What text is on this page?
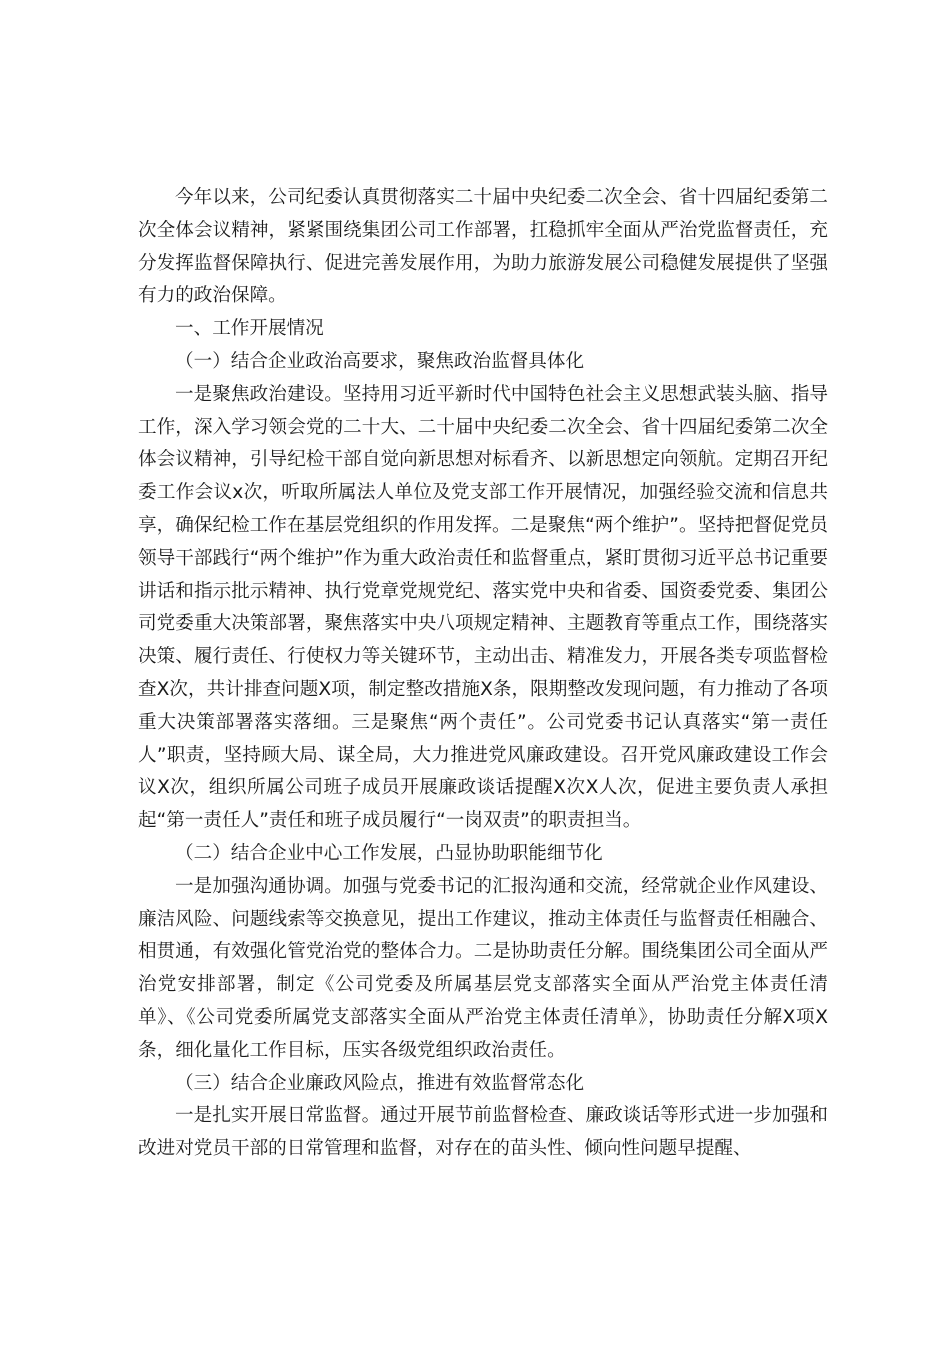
今年以来，公司纪委认真贯彻落实二十届中央纪委二次全会、省十四届纪委第二次全体会议精神，紧紧围绕集团公司工作部署，扛稳抓牢全面从严治党监督责任，充分发挥监督保障执行、促进完善发展作用，为助力旅游发展公司稳健发展提供了坚强有力的政治保障。

一、工作开展情况

（一）结合企业政治高要求，聚焦政治监督具体化

一是聚焦政治建设。坚持用习近平新时代中国特色社会主义思想武装头脑、指导工作，深入学习领会党的二十大、二十届中央纪委二次全会、省十四届纪委第二次全体会议精神，引导纪检干部自觉向新思想对标看齐、以新思想定向领航。定期召开纪委工作会议x次，听取所属法人单位及党支部工作开展情况，加强经验交流和信息共享，确保纪检工作在基层党组织的作用发挥。二是聚焦“两个维护”。坚持把督促党员领导干部践行“两个维护”作为重大政治责任和监督重点，紧盯贯彻习近平总书记重要讲话和指示批示精神、执行党章党规党纪、落实党中央和省委、国资委党委、集团公司党委重大决策部署，聚焦落实中央八项规定精神、主题教育等重点工作，围绕落实决策、履行责任、行使权力等关键环节，主动出击、精准发力，开展各类专项监督检查X次，共计排查问题X项，制定整改措施X条，限期整改发现问题，有力推动了各项重大决策部署落实落细。三是聚焦“两个责任”。公司党委书记认真落实“第一责任人”职责，坚持顾大局、谋全局，大力推进党风廉政建设。召开党风廉政建设工作会议X次，组织所属公司班子成员开展廉政谈话提醒X次X人次，促进主要负责人承担起“第一责任人”责任和班子成员履行“一岗双责”的职责担当。

（二）结合企业中心工作发展，凸显协助职能细节化

一是加强沟通协调。加强与党委书记的汇报沟通和交流，经常就企业作风建设、廉洁风险、问题线索等交换意见，提出工作建议，推动主体责任与监督责任相融合、相贯通，有效强化管党治党的整体合力。二是协助责任分解。围绕集团公司全面从严治党安排部署，制定《公司党委及所属基层党支部落实全面从严治党主体责任清单》、《公司党委所属党支部落实全面从严治党主体责任清单》，协助责任分解X项X条，细化量化工作目标，压实各级党组织政治责任。

（三）结合企业廉政风险点，推进有效监督常态化

一是扎实开展日常监督。通过开展节前监督检查、廉政谈话等形式进一步加强和改进对党员干部的日常管理和监督，对存在的苗头性、倾向性问题早提醒、
